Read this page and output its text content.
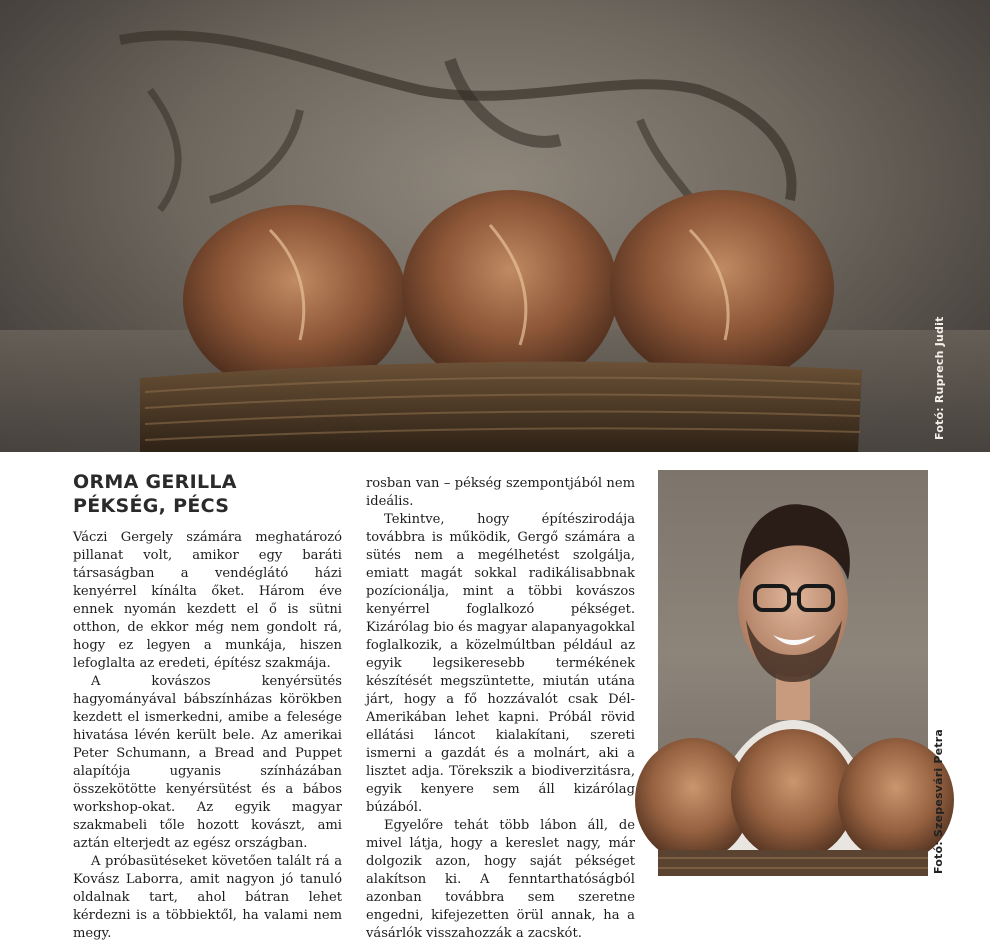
Fotó: Ruprech Judit
ORMA GERILLA
PÉKSÉG, PÉCS

Váczi Gergely számára meghatározó pillanat volt, amikor egy baráti társaságban a vendéglátó házi kenyérrel kínálta őket. Három éve ennek nyomán kezdett el ő is sütni otthon, de ekkor még nem gondolt rá, hogy ez legyen a munkája, hiszen lefoglalta az eredeti, építész szakmája.

A kovászos kenyérsütés hagyományával bábszínházas körökben kezdett el ismerkedni, amibe a felesége hivatása lévén került bele. Az amerikai Peter Schumann, a Bread and Puppet alapítója ugyanis színházában összekötötte kenyérsütést és a bábos workshop-okat. Az egyik magyar szakmabeli tőle hozott kovászt, ami aztán elterjedt az egész országban.

A próbasütéseket követően talált rá a Kovász Laborra, amit nagyon jó tanuló oldalnak tart, ahol bátran lehet kérdezni is a többiektől, ha valami nem megy.

rosban van – pékség szempontjából nem ideális.

Tekintve, hogy építészirodája továbbra is működik, Gergő számára a sütés nem a megélhetést szolgálja, emiatt magát sokkal radikálisabbnak pozícionálja, mint a többi kovászos kenyérrel foglalkozó pékséget. Kizárólag bio és magyar alapanyagokkal foglalkozik, a közelmúltban például az egyik legsikeresebb termékének készítését megszüntette, miután utána járt, hogy a fő hozzávalót csak Dél-Amerikában lehet kapni. Próbál rövid ellátási láncot kialakítani, szereti ismerni a gazdát és a molnárt, aki a lisztet adja. Törekszik a biodiverzitásra, egyik kenyere sem áll kizárólag búzából.

Egyelőre tehát több lábon áll, de mivel látja, hogy a kereslet nagy, már dolgozik azon, hogy saját pékséget alakítson ki. A fenntarthatóságból azonban továbbra sem szeretne engedni, kifejezetten örül annak, ha a vásárlók visszahozzák a zacskót.

Fotó: Szepesvári Petra
